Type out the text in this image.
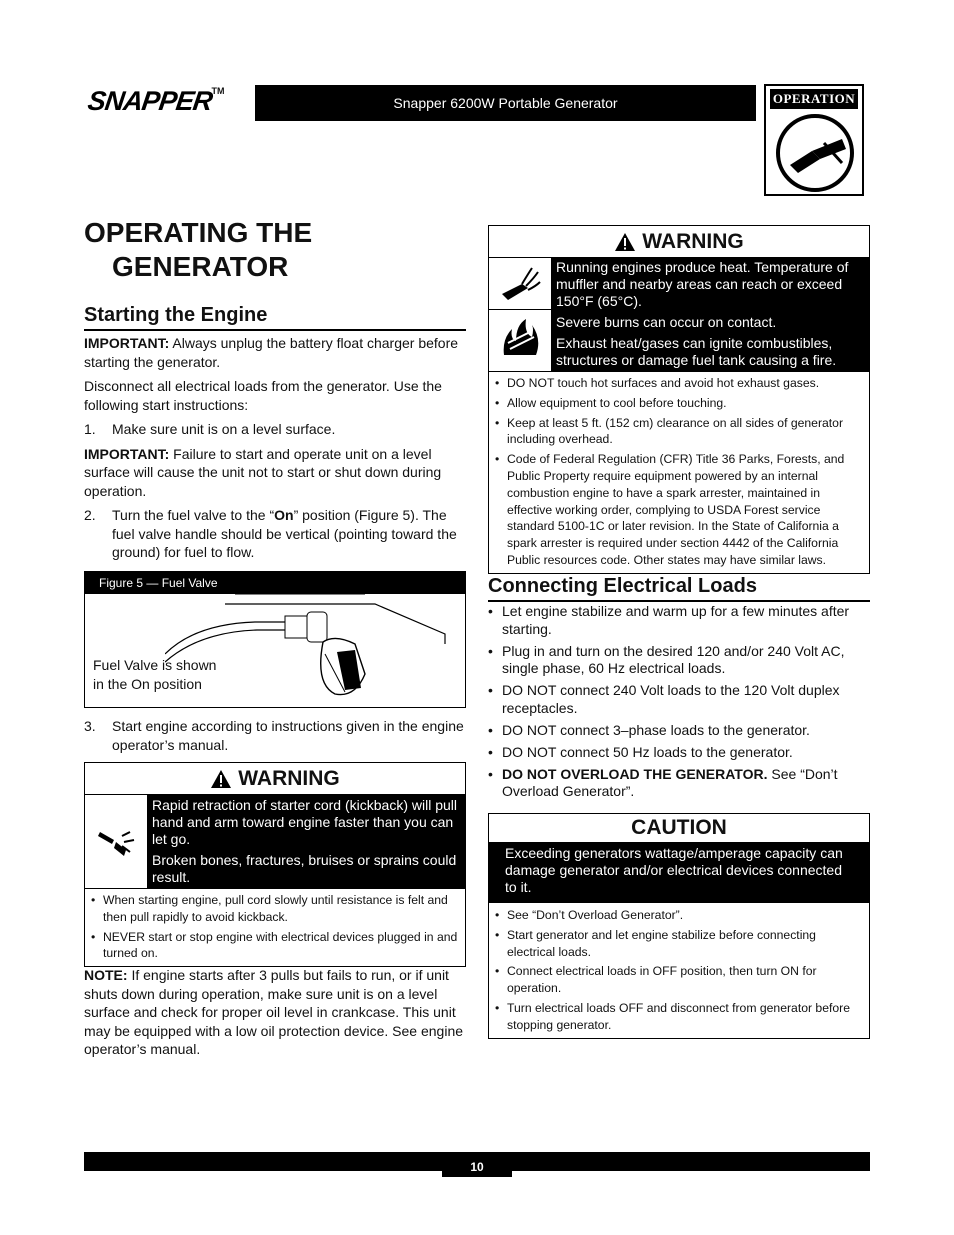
SNAPPER™
Snapper 6200W Portable Generator	OPERATION
OPERATING THE
GENERATOR
Starting the Engine

IMPORTANT: Always unplug the battery float charger before starting the generator.

Disconnect all electrical loads from the generator. Use the following start instructions:

1.	Make sure unit is on a level surface.

IMPORTANT: Failure to start and operate unit on a level surface will cause the unit not to start or shut down during operation.

2.	Turn the fuel valve to the “On” position (Figure 5). The fuel valve handle should be vertical (pointing toward the ground) for fuel to flow.
Figure 5 — Fuel Valve
Fuel Valve is shown
in the On position
3.	Start engine according to instructions given in the engine operator’s manual.
WARNING

Rapid retraction of starter cord (kickback) will pull hand and arm toward engine faster than you can let go.

Broken bones, fractures, bruises or sprains could result.

• When starting engine, pull cord slowly until resistance is felt and then pull rapidly to avoid kickback.
• NEVER start or stop engine with electrical devices plugged in and turned on.

NOTE: If engine starts after 3 pulls but fails to run, or if unit shuts down during operation, make sure unit is on a level surface and check for proper oil level in crankcase. This unit may be equipped with a low oil protection device. See engine operator’s manual.

WARNING

Running engines produce heat. Temperature of muffler and nearby areas can reach or exceed 150°F (65°C).

Severe burns can occur on contact.

Exhaust heat/gases can ignite combustibles, structures or damage fuel tank causing a fire.

• DO NOT touch hot surfaces and avoid hot exhaust gases.
• Allow equipment to cool before touching.
• Keep at least 5 ft. (152 cm) clearance on all sides of generator including overhead.
• Code of Federal Regulation (CFR) Title 36 Parks, Forests, and Public Property require equipment powered by an internal combustion engine to have a spark arrester, maintained in effective working order, complying to USDA Forest service standard 5100-1C or later revision. In the State of California a spark arrester is required under section 4442 of the California Public resources code. Other states may have similar laws.
Connecting Electrical Loads
• Let engine stabilize and warm up for a few minutes after starting.
• Plug in and turn on the desired 120 and/or 240 Volt AC, single phase, 60 Hz electrical loads.
• DO NOT connect 240 Volt loads to the 120 Volt duplex receptacles.
• DO NOT connect 3–phase loads to the generator.
• DO NOT connect 50 Hz loads to the generator.
• DO NOT OVERLOAD THE GENERATOR. See “Don’t Overload Generator”.
CAUTION
Exceeding generators wattage/amperage capacity can damage generator and/or electrical devices connected to it.
• See “Don’t Overload Generator”.
• Start generator and let engine stabilize before connecting electrical loads.
• Connect electrical loads in OFF position, then turn ON for operation.
• Turn electrical loads OFF and disconnect from generator before stopping generator.
10
